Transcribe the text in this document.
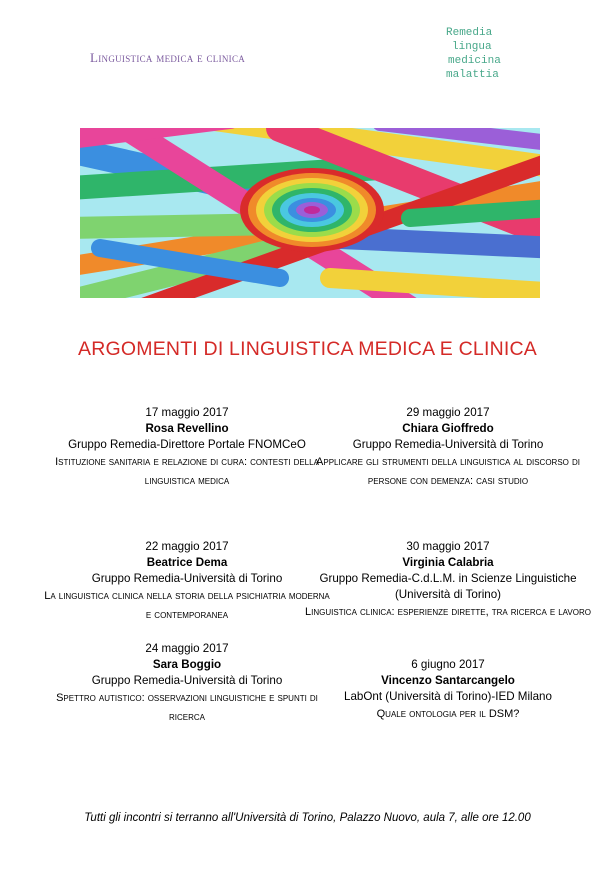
Linguistica medica e clinica
Remedia
lingua
medicina
malattia
ARGOMENTI DI LINGUISTICA MEDICA E CLINICA
17 maggio 2017
Rosa Revellino
Gruppo Remedia-Direttore Portale FNOMCeO
Istituzione sanitaria e relazione di cura: contesti della linguistica medica
29 maggio 2017
Chiara Gioffredo
Gruppo Remedia-Università di Torino
Applicare gli strumenti della linguistica al discorso di persone con demenza: casi studio
22 maggio 2017
Beatrice Dema
Gruppo Remedia-Università di Torino
La linguistica clinica nella storia della psichiatria moderna e contemporanea
30 maggio 2017
Virginia Calabria
Gruppo Remedia-C.d.L.M. in Scienze Linguistiche (Università di Torino)
Linguistica clinica: esperienze dirette, tra ricerca e lavoro
24 maggio 2017
Sara Boggio
Gruppo Remedia-Università di Torino
Spettro autistico: osservazioni linguistiche e spunti di ricerca
6 giugno 2017
Vincenzo Santarcangelo
LabOnt (Università di Torino)-IED Milano
Quale ontologia per il DSM?
Tutti gli incontri si terranno all'Università di Torino, Palazzo Nuovo, aula 7, alle ore 12.00
